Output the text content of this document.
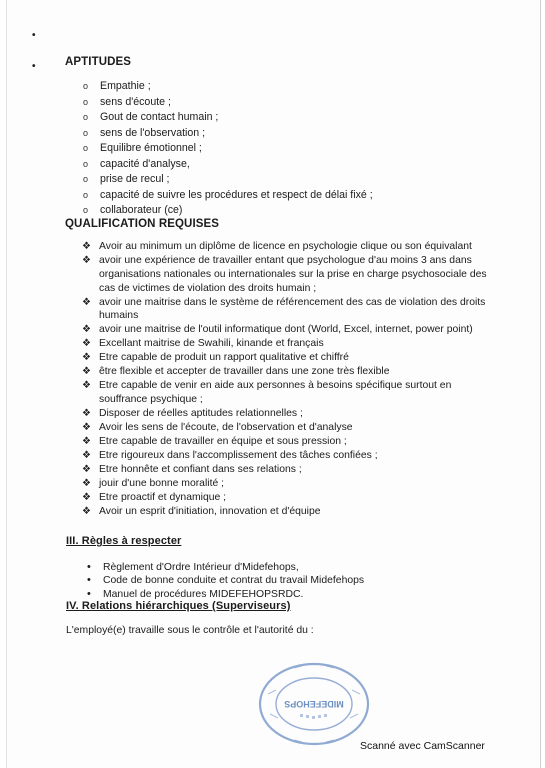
•
•	APTITUDES
o Empathie ;
o sens d'écoute ;
o Gout de contact humain ;
o sens de l'observation ;
o Equilibre émotionnel ;
o capacité d'analyse,
o prise de recul ;
o capacité de suivre les procédures et respect de délai fixé ;
o collaborateur (ce)
QUALIFICATION REQUISES
❖ Avoir au minimum un diplôme de licence en psychologie clique ou son équivalant
❖ avoir une expérience de travailler entant que psychologue d'au moins 3 ans dans organisations nationales ou internationales sur la prise en charge psychosociale des cas de victimes de violation des droits humain ;
❖ avoir une maitrise dans le système de référencement des cas de violation des droits humains
❖ avoir une maitrise de l'outil informatique dont (World, Excel, internet, power point)
❖ Excellant maitrise de Swahili, kinande et français
❖ Etre capable de produit un rapport qualitative et chiffré
❖ être flexible et accepter de travailler dans une zone très flexible
❖ Etre capable de venir en aide aux personnes à besoins spécifique surtout en souffrance psychique ;
❖ Disposer de réelles aptitudes relationnelles ;
❖ Avoir les sens de l'écoute, de l'observation et d'analyse
❖ Etre capable de travailler en équipe et sous pression ;
❖ Etre rigoureux dans l'accomplissement des tâches confiées ;
❖ Etre honnête et confiant dans ses relations ;
❖ jouir d'une bonne moralité ;
❖ Etre proactif et dynamique ;
❖ Avoir un esprit d'initiation, innovation et d'équipe
III. Règles à respecter
• Règlement d'Ordre Intérieur d'Midefehops,
• Code de bonne conduite et contrat du travail Midefehops
• Manuel de procédures MIDEFEHOPSRDC.
IV. Relations hiérarchiques (Superviseurs)
L'employé(e) travaille sous le contrôle et l'autorité du :
MIDEFEHOPS
Scanné avec CamScanner
